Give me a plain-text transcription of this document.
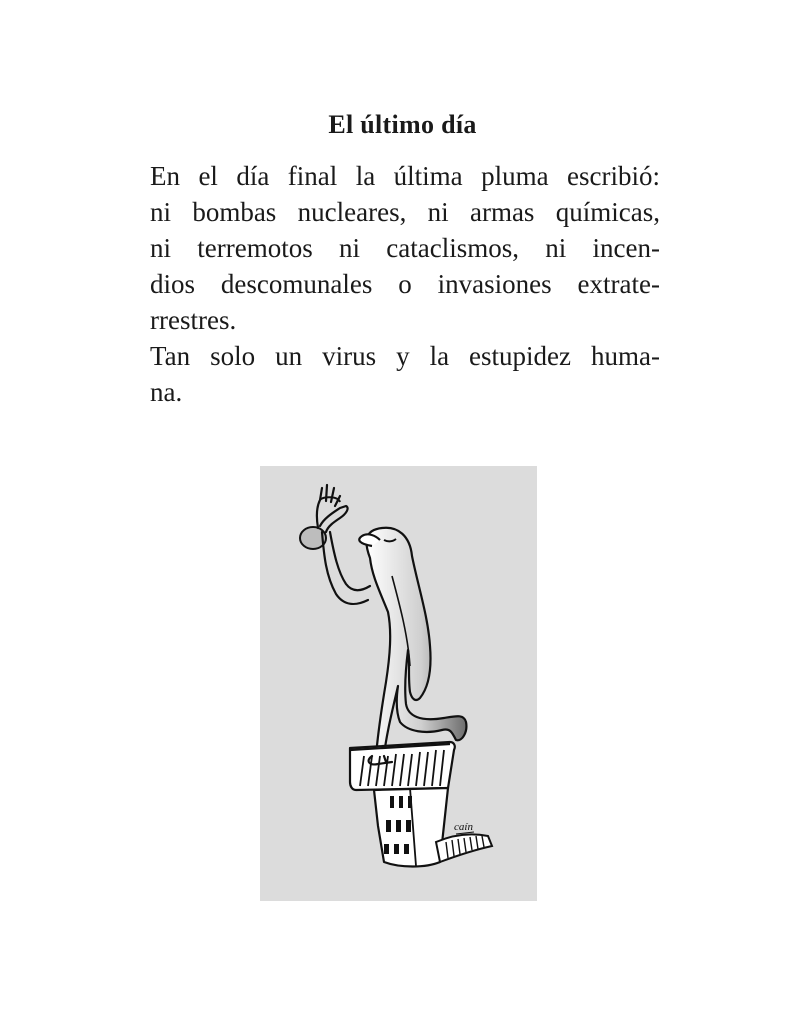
El último día
En el día final la última pluma escribió:
ni bombas nucleares, ni armas químicas,
ni terremotos ni cataclismos, ni incen-
dios descomunales o invasiones extrate-
rrestres.
Tan solo un virus y la estupidez huma-
na.
caín
